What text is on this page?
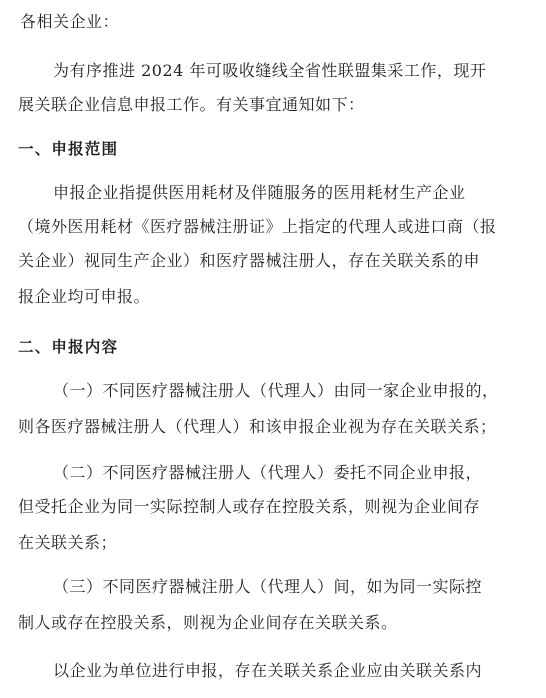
各相关企业：
为有序推进 2024 年可吸收缝线全省性联盟集采工作，现开
展关联企业信息申报工作。有关事宜通知如下：
一、申报范围
申报企业指提供医用耗材及伴随服务的医用耗材生产企业
（境外医用耗材《医疗器械注册证》上指定的代理人或进口商（报
关企业）视同生产企业）和医疗器械注册人，存在关联关系的申
报企业均可申报。
二、申报内容
（一）不同医疗器械注册人（代理人）由同一家企业申报的，
则各医疗器械注册人（代理人）和该申报企业视为存在关联关系；
（二）不同医疗器械注册人（代理人）委托不同企业申报，
但受托企业为同一实际控制人或存在控股关系，则视为企业间存
在关联关系；
（三）不同医疗器械注册人（代理人）间，如为同一实际控
制人或存在控股关系，则视为企业间存在关联关系。
以企业为单位进行申报，存在关联关系企业应由关联关系内
